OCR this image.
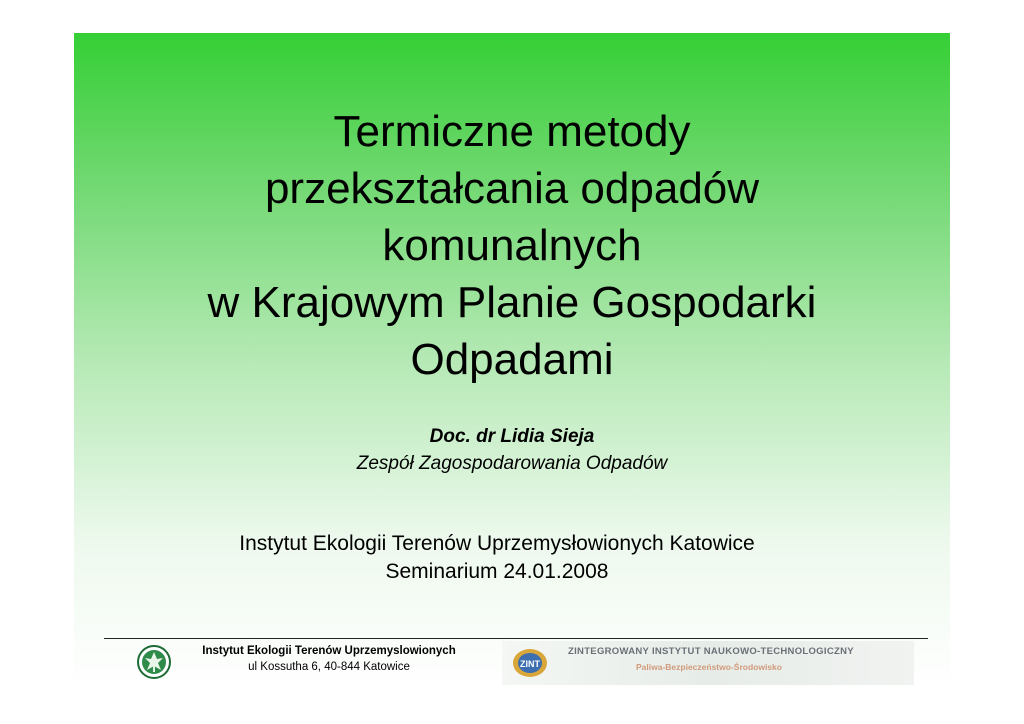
Termiczne metody
przekształcania odpadów
komunalnych
w Krajowym Planie Gospodarki
Odpadami
Doc. dr Lidia Sieja
Zespół Zagospodarowania Odpadów
Instytut Ekologii Terenów Uprzemysłowionych Katowice
Seminarium 24.01.2008
Instytut Ekologii Terenów Uprzemyslowionych
ul Kossutha 6, 40-844 Katowice	ZINT
ZINTEGROWANY INSTYTUT NAUKOWO-TECHNOLOGICZNY
Paliwa-Bezpieczeństwo-Środowisko
